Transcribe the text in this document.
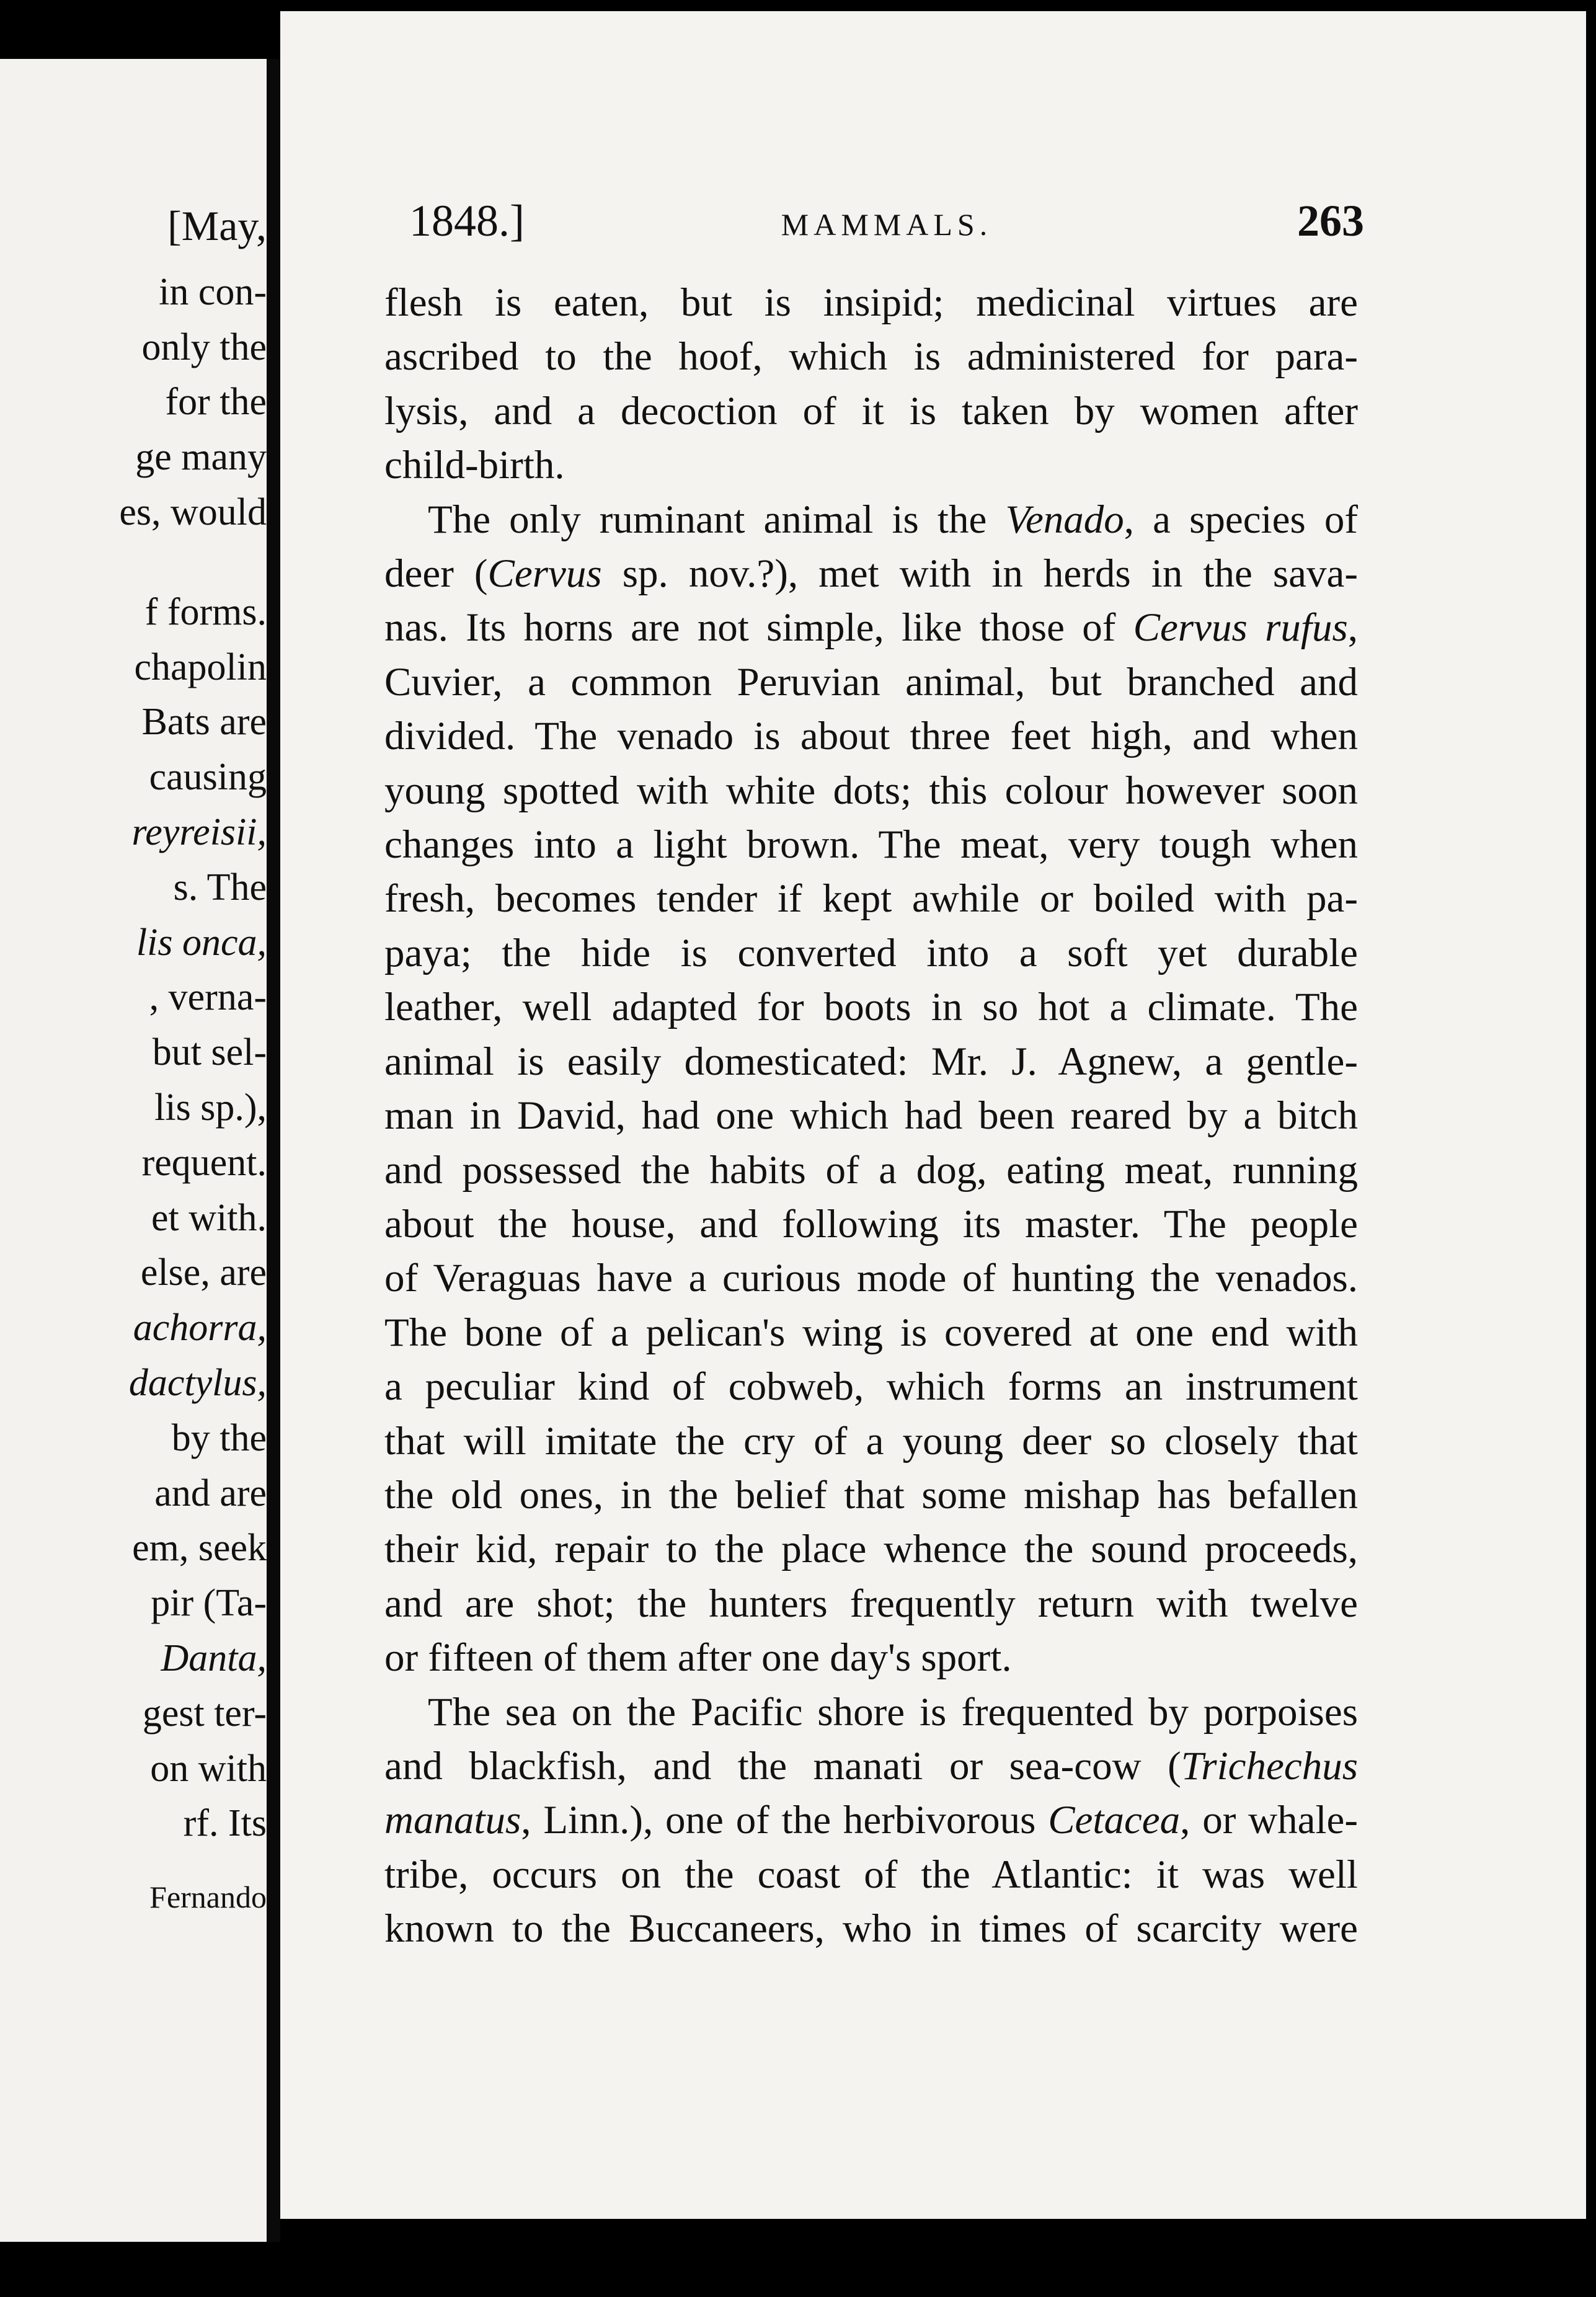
[May,
in con-
only the
for the
ge many
es, would
f forms.
chapolin
Bats are
causing
reyreisii,
s. The
lis onca,
, verna-
but sel-
lis sp.),
requent.
et with.
else, are
achorra,
dactylus,
by the
and are
em, seek
pir (Ta-
Danta,
gest ter-
on with
rf. Its
Fernando
1848.]	MAMMALS.	263
flesh is eaten, but is insipid; medicinal virtues are
ascribed to the hoof, which is administered for para-
lysis, and a decoction of it is taken by women after
child-birth.
The only ruminant animal is the Venado, a species of
deer (Cervus sp. nov.?), met with in herds in the sava-
nas. Its horns are not simple, like those of Cervus rufus,
Cuvier, a common Peruvian animal, but branched and
divided. The venado is about three feet high, and when
young spotted with white dots; this colour however soon
changes into a light brown. The meat, very tough when
fresh, becomes tender if kept awhile or boiled with pa-
paya; the hide is converted into a soft yet durable
leather, well adapted for boots in so hot a climate. The
animal is easily domesticated: Mr. J. Agnew, a gentle-
man in David, had one which had been reared by a bitch
and possessed the habits of a dog, eating meat, running
about the house, and following its master. The people
of Veraguas have a curious mode of hunting the venados.
The bone of a pelican's wing is covered at one end with
a peculiar kind of cobweb, which forms an instrument
that will imitate the cry of a young deer so closely that
the old ones, in the belief that some mishap has befallen
their kid, repair to the place whence the sound proceeds,
and are shot; the hunters frequently return with twelve
or fifteen of them after one day's sport.
The sea on the Pacific shore is frequented by porpoises
and blackfish, and the manati or sea-cow (Trichechus
manatus, Linn.), one of the herbivorous Cetacea, or whale-
tribe, occurs on the coast of the Atlantic: it was well
known to the Buccaneers, who in times of scarcity were
